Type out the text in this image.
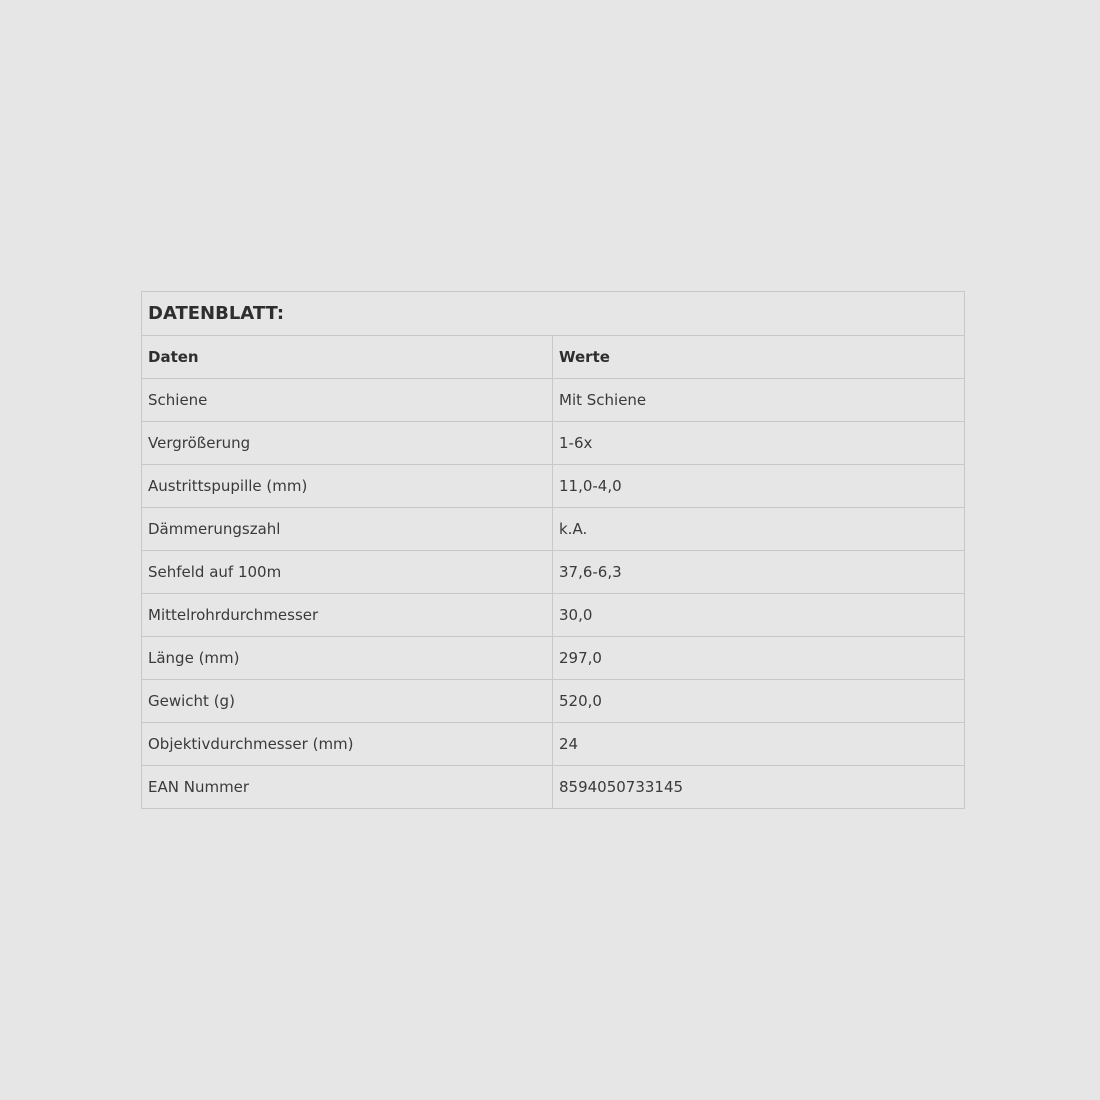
DATENBLATT:	
Daten	Werte
Schiene	Mit Schiene
Vergrößerung	1-6x
Austrittspupille (mm)	11,0-4,0
Dämmerungszahl	k.A.
Sehfeld auf 100m	37,6-6,3
Mittelrohrdurchmesser	30,0
Länge (mm)	297,0
Gewicht (g)	520,0
Objektivdurchmesser (mm)	24
EAN Nummer	8594050733145
